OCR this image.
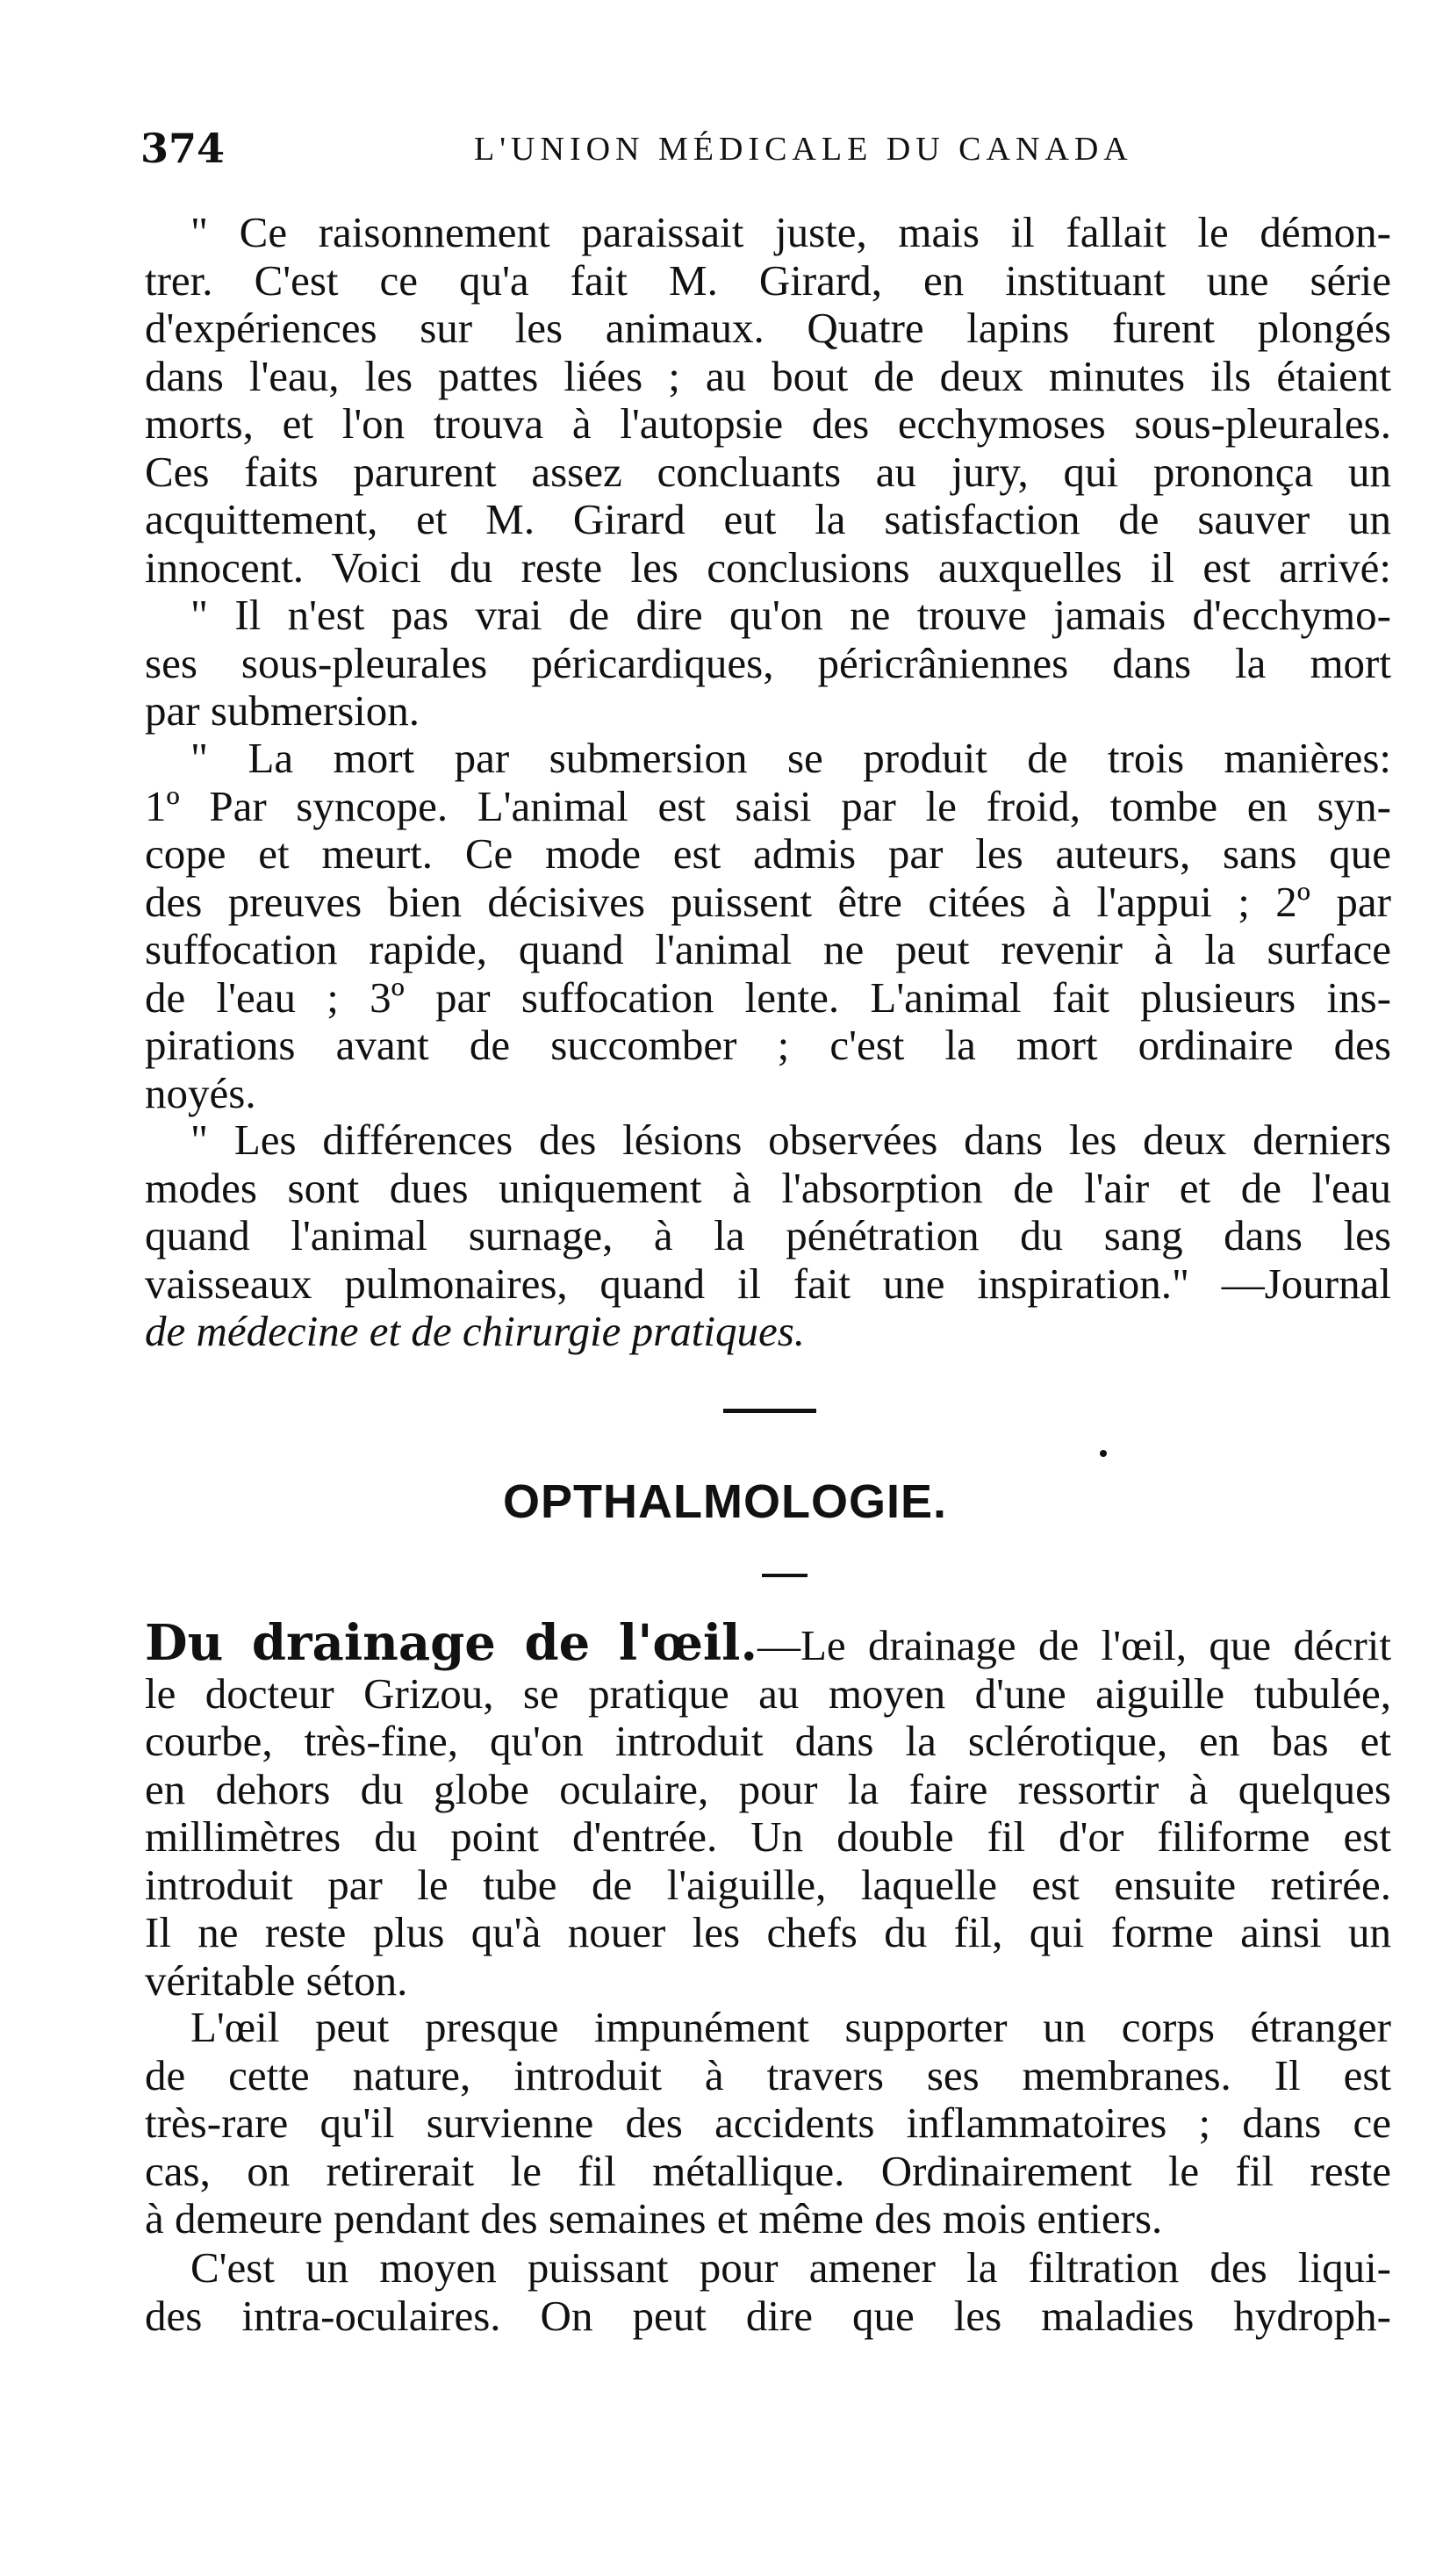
374	L'UNION MÉDICALE DU CANADA
" Ce raisonnement paraissait juste, mais il fallait le démon-
trer. C'est ce qu'a fait M. Girard, en instituant une série
d'expériences sur les animaux. Quatre lapins furent plongés
dans l'eau, les pattes liées ; au bout de deux minutes ils étaient
morts, et l'on trouva à l'autopsie des ecchymoses sous-pleurales.
Ces faits parurent assez concluants au jury, qui prononça un
acquittement, et M. Girard eut la satisfaction de sauver un
innocent. Voici du reste les conclusions auxquelles il est arrivé:
" Il n'est pas vrai de dire qu'on ne trouve jamais d'ecchymo-
ses sous-pleurales péricardiques, péricrâniennes dans la mort
par submersion.
" La mort par submersion se produit de trois manières:
1º Par syncope. L'animal est saisi par le froid, tombe en syn-
cope et meurt. Ce mode est admis par les auteurs, sans que
des preuves bien décisives puissent être citées à l'appui ; 2º par
suffocation rapide, quand l'animal ne peut revenir à la surface
de l'eau ; 3º par suffocation lente. L'animal fait plusieurs ins-
pirations avant de succomber ; c'est la mort ordinaire des
noyés.
" Les différences des lésions observées dans les deux derniers
modes sont dues uniquement à l'absorption de l'air et de l'eau
quand l'animal surnage, à la pénétration du sang dans les
vaisseaux pulmonaires, quand il fait une inspiration." —Journal
de médecine et de chirurgie pratiques.
OPTHALMOLOGIE.
Du drainage de l'œil.—Le drainage de l'œil, que décrit
le docteur Grizou, se pratique au moyen d'une aiguille tubulée,
courbe, très-fine, qu'on introduit dans la sclérotique, en bas et
en dehors du globe oculaire, pour la faire ressortir à quelques
millimètres du point d'entrée. Un double fil d'or filiforme est
introduit par le tube de l'aiguille, laquelle est ensuite retirée.
Il ne reste plus qu'à nouer les chefs du fil, qui forme ainsi un
véritable séton.
L'œil peut presque impunément supporter un corps étranger
de cette nature, introduit à travers ses membranes. Il est
très-rare qu'il survienne des accidents inflammatoires ; dans ce
cas, on retirerait le fil métallique. Ordinairement le fil reste
à demeure pendant des semaines et même des mois entiers.
C'est un moyen puissant pour amener la filtration des liqui-
des intra-oculaires. On peut dire que les maladies hydroph-
